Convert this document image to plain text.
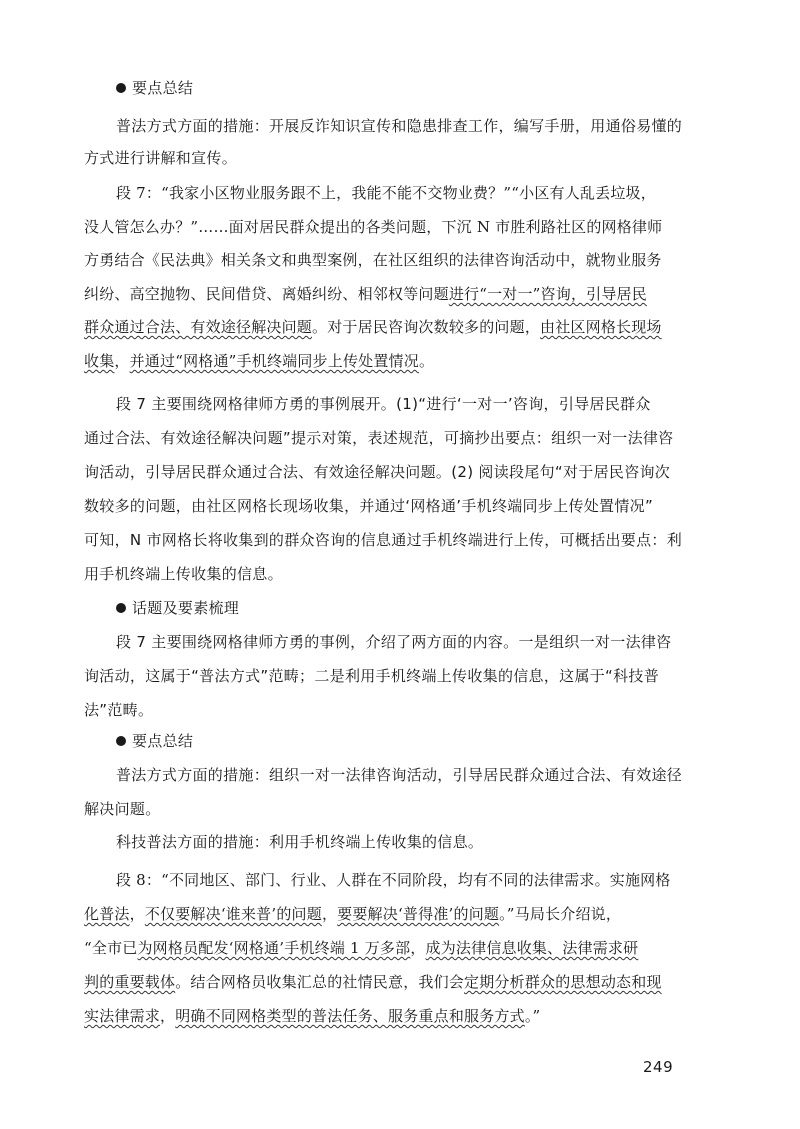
要点总结
普法方式方面的措施：开展反诈知识宣传和隐患排查工作，编写手册，用通俗易懂的
方式进行讲解和宣传。
段 7：“我家小区物业服务跟不上，我能不能不交物业费？”“小区有人乱丢垃圾，
没人管怎么办？”……面对居民群众提出的各类问题，下沉 N 市胜利路社区的网格律师
方勇结合《民法典》相关条文和典型案例，在社区组织的法律咨询活动中，就物业服务
纠纷、高空抛物、民间借贷、离婚纠纷、相邻权等问题进行“一对一”咨询，引导居民
群众通过合法、有效途径解决问题。对于居民咨询次数较多的问题，由社区网格长现场
收集，并通过“网格通”手机终端同步上传处置情况。
段 7 主要围绕网格律师方勇的事例展开。(1)“进行‘一对一’咨询，引导居民群众
通过合法、有效途径解决问题”提示对策，表述规范，可摘抄出要点：组织一对一法律咨
询活动，引导居民群众通过合法、有效途径解决问题。(2) 阅读段尾句“对于居民咨询次
数较多的问题，由社区网格长现场收集，并通过‘网格通’手机终端同步上传处置情况”
可知，N 市网格长将收集到的群众咨询的信息通过手机终端进行上传，可概括出要点：利
用手机终端上传收集的信息。
话题及要素梳理
段 7 主要围绕网格律师方勇的事例，介绍了两方面的内容。一是组织一对一法律咨
询活动，这属于“普法方式”范畴；二是利用手机终端上传收集的信息，这属于“科技普
法”范畴。
要点总结
普法方式方面的措施：组织一对一法律咨询活动，引导居民群众通过合法、有效途径
解决问题。
科技普法方面的措施：利用手机终端上传收集的信息。
段 8：“不同地区、部门、行业、人群在不同阶段，均有不同的法律需求。实施网格
化普法，不仅要解决‘谁来普’的问题，要要解决‘普得准’的问题。”马局长介绍说，
“全市已为网格员配发‘网格通’手机终端 1 万多部，成为法律信息收集、法律需求研
判的重要载体。结合网格员收集汇总的社情民意，我们会定期分析群众的思想动态和现
实法律需求，明确不同网格类型的普法任务、服务重点和服务方式。”
249
